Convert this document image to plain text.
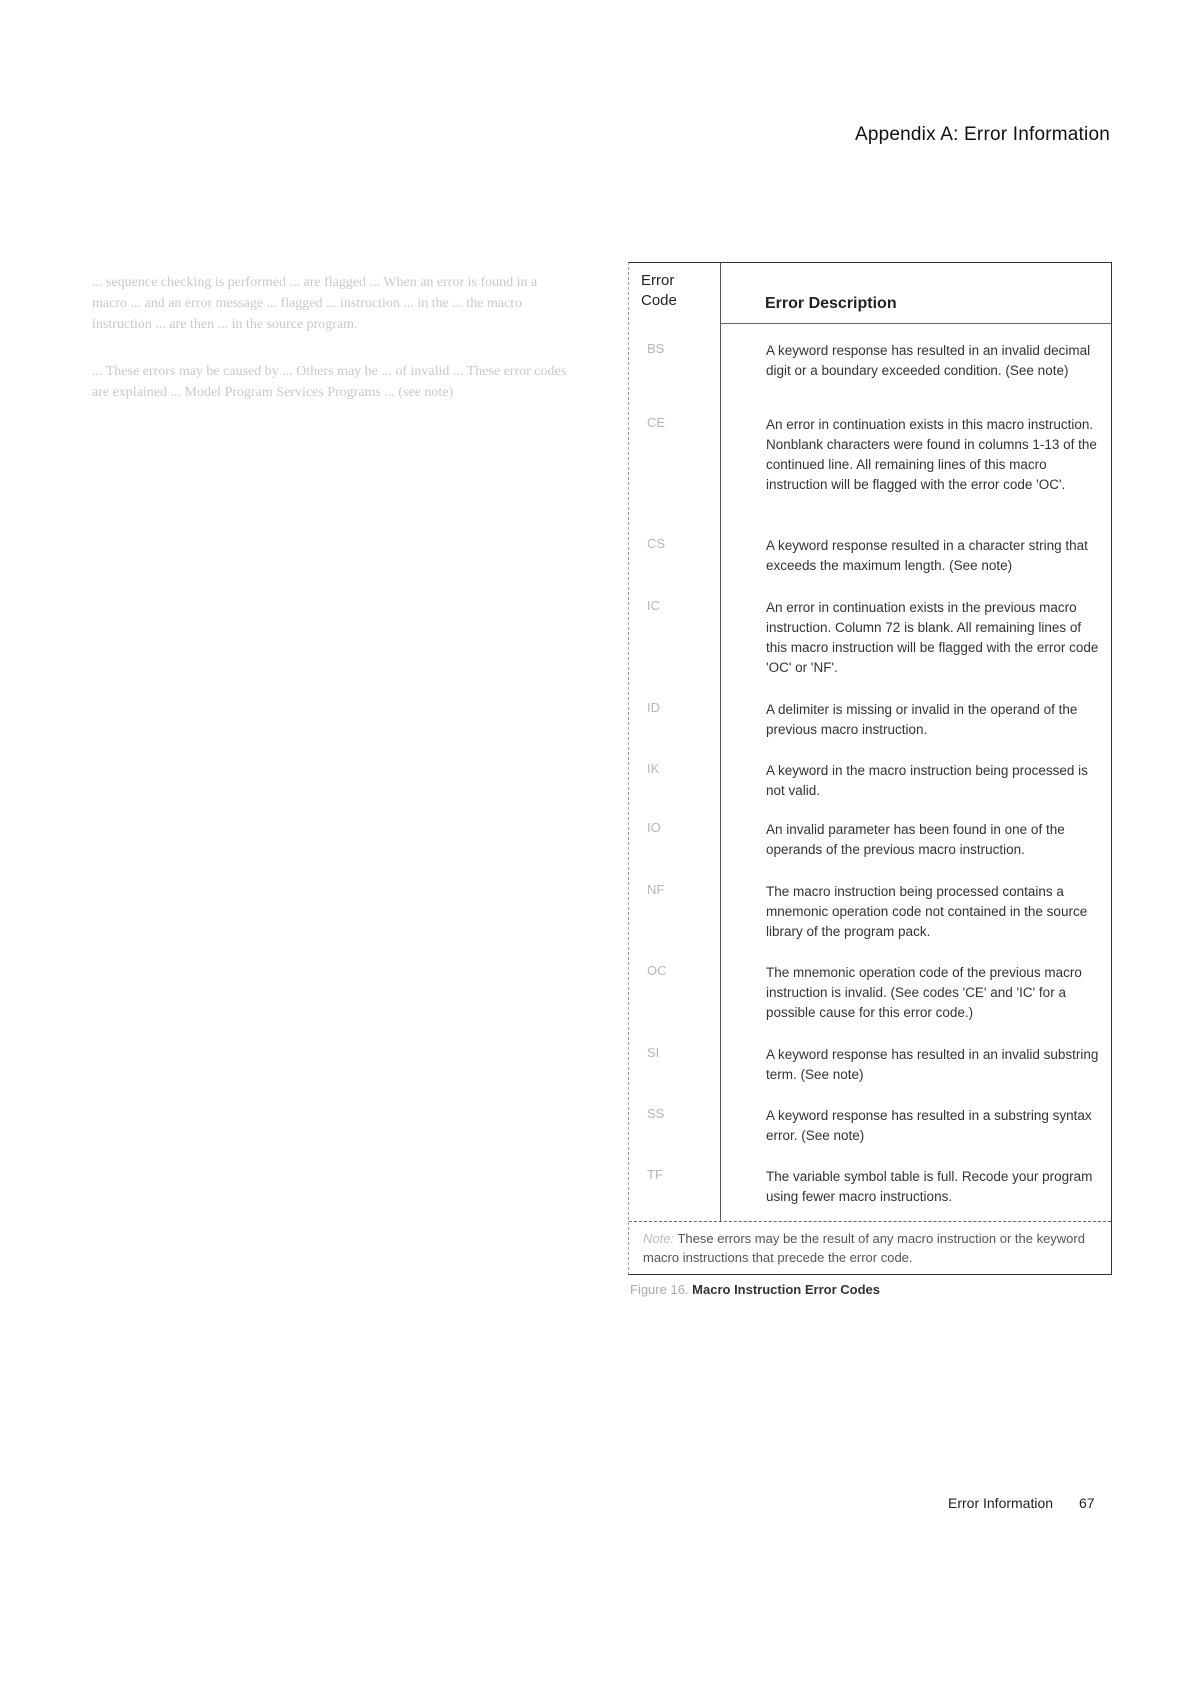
Appendix A: Error Information

... sequence checking is performed ... are flagged ... When an error is found in a macro ... and an error message ... flagged ... instruction ... in the ... the macro instruction ... are then ... in the source program.

... These errors may be caused by ... Others may be ... of invalid ... These error codes are explained ... Model Program Services Programs ... (see note)

Error Code	Error Description
BS	A keyword response has resulted in an invalid decimal digit or a boundary exceeded condition. (See note)
CE	An error in continuation exists in this macro instruction. Nonblank characters were found in columns 1-13 of the continued line. All remaining lines of this macro instruction will be flagged with the error code 'OC'.
CS	A keyword response resulted in a character string that exceeds the maximum length. (See note)
IC	An error in continuation exists in the previous macro instruction. Column 72 is blank. All remaining lines of this macro instruction will be flagged with the error code 'OC' or 'NF'.
ID	A delimiter is missing or invalid in the operand of the previous macro instruction.
IK	A keyword in the macro instruction being processed is not valid.
IO	An invalid parameter has been found in one of the operands of the previous macro instruction.
NF	The macro instruction being processed contains a mnemonic operation code not contained in the source library of the program pack.
OC	The mnemonic operation code of the previous macro instruction is invalid. (See codes 'CE' and 'IC' for a possible cause for this error code.)
SI	A keyword response has resulted in an invalid substring term. (See note)
SS	A keyword response has resulted in a substring syntax error. (See note)
TF	The variable symbol table is full. Recode your program using fewer macro instructions.
Note: These errors may be the result of any macro instruction or the keyword macro instructions that precede the error code.
Figure 16. Macro Instruction Error Codes
Error Information 67
